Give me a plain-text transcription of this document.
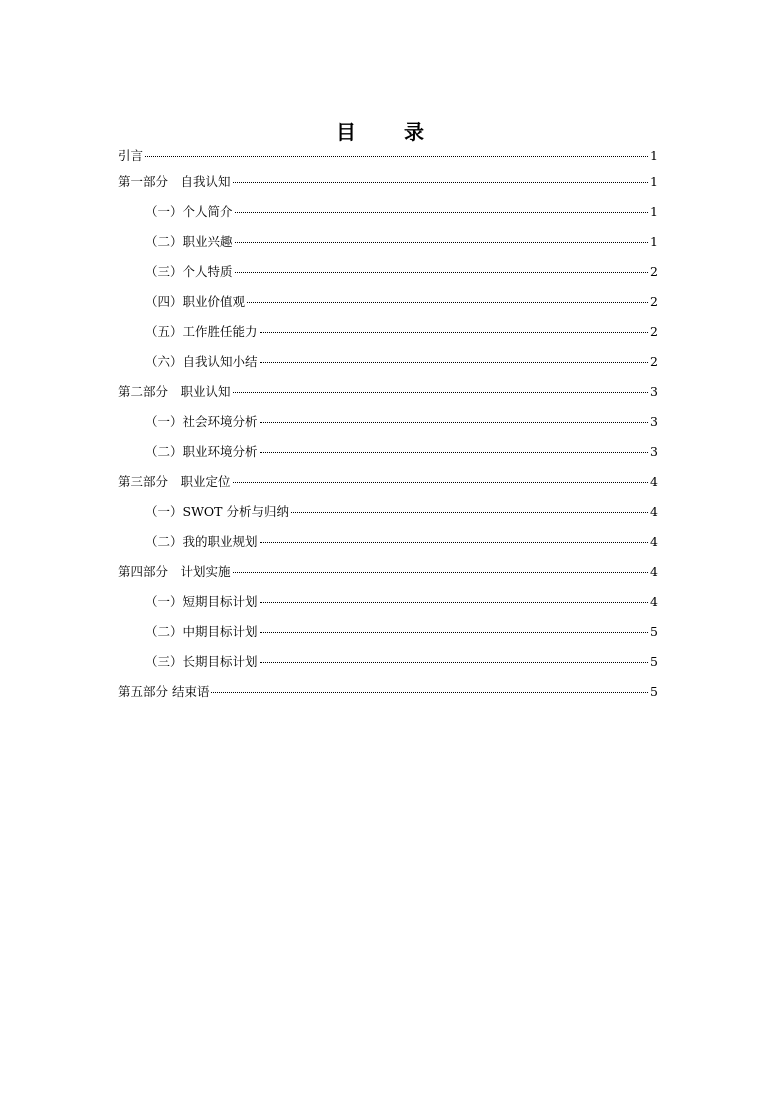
目　录
引言	1
第一部分　自我认知	1
（一）个人简介	1
（二）职业兴趣	1
（三）个人特质	2
（四）职业价值观	2
（五）工作胜任能力	2
（六）自我认知小结	2
第二部分　职业认知	3
（一）社会环境分析	3
（二）职业环境分析	3
第三部分　职业定位	4
（一）SWOT 分析与归纳	4
（二）我的职业规划	4
第四部分　计划实施	4
（一）短期目标计划	4
（二）中期目标计划	5
（三）长期目标计划	5
第五部分 结束语	5
